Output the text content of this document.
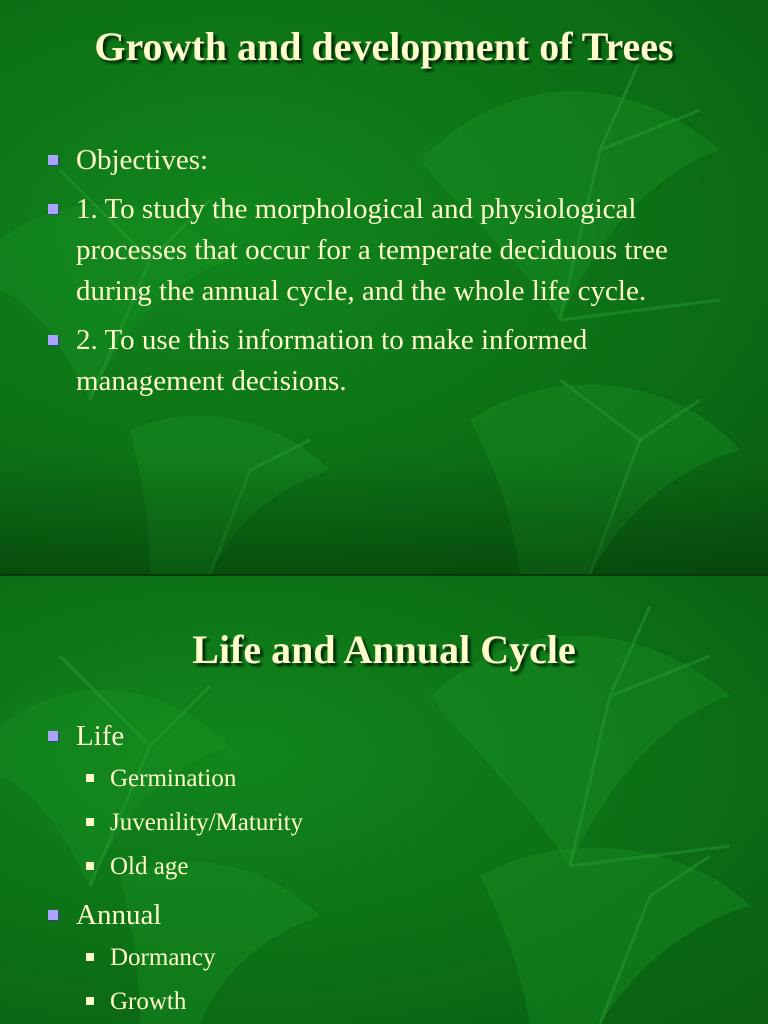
Growth and development of Trees
Objectives:
1. To study the morphological and physiological processes that occur for a temperate deciduous tree during the annual cycle, and the whole life cycle.
2. To use this information to make informed management decisions.
Life and Annual Cycle
Life
Germination
Juvenility/Maturity
Old age
Annual
Dormancy
Growth
